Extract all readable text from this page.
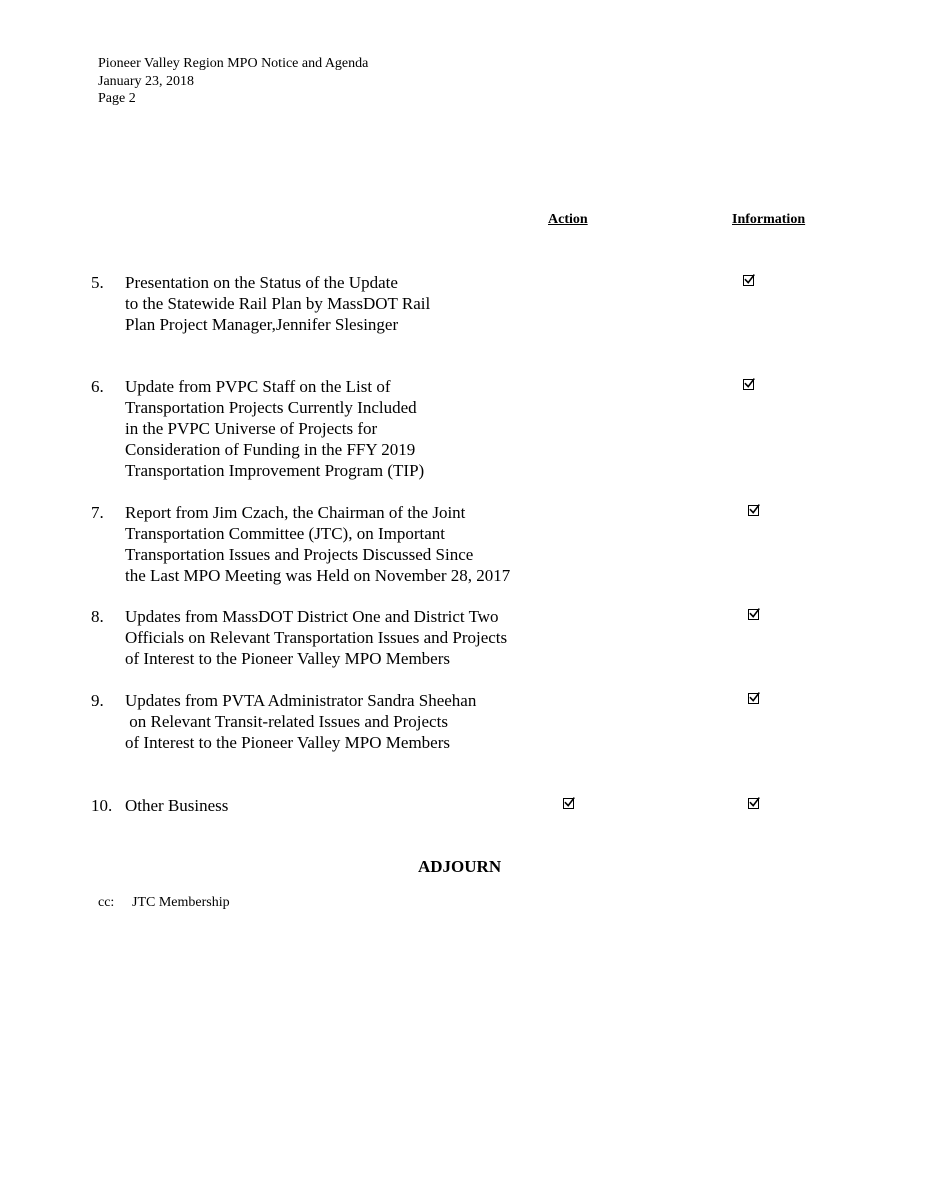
Pioneer Valley Region MPO Notice and Agenda
January 23, 2018
Page 2
Action	Information
5. Presentation on the Status of the Update
to the Statewide Rail Plan by MassDOT Rail
Plan Project Manager,Jennifer Slesinger
6. Update from PVPC Staff on the List of
Transportation Projects Currently Included
in the PVPC Universe of Projects for
Consideration of Funding in the FFY 2019
Transportation Improvement Program (TIP)
7. Report from Jim Czach, the Chairman of the Joint
Transportation Committee (JTC), on Important
Transportation Issues and Projects Discussed Since
the Last MPO Meeting was Held on November 28, 2017
8. Updates from MassDOT District One and District Two
Officials on Relevant Transportation Issues and Projects
of Interest to the Pioneer Valley MPO Members
9. Updates from PVTA Administrator Sandra Sheehan
on Relevant Transit-related Issues and Projects
of Interest to the Pioneer Valley MPO Members
10. Other Business
ADJOURN
cc: JTC Membership
